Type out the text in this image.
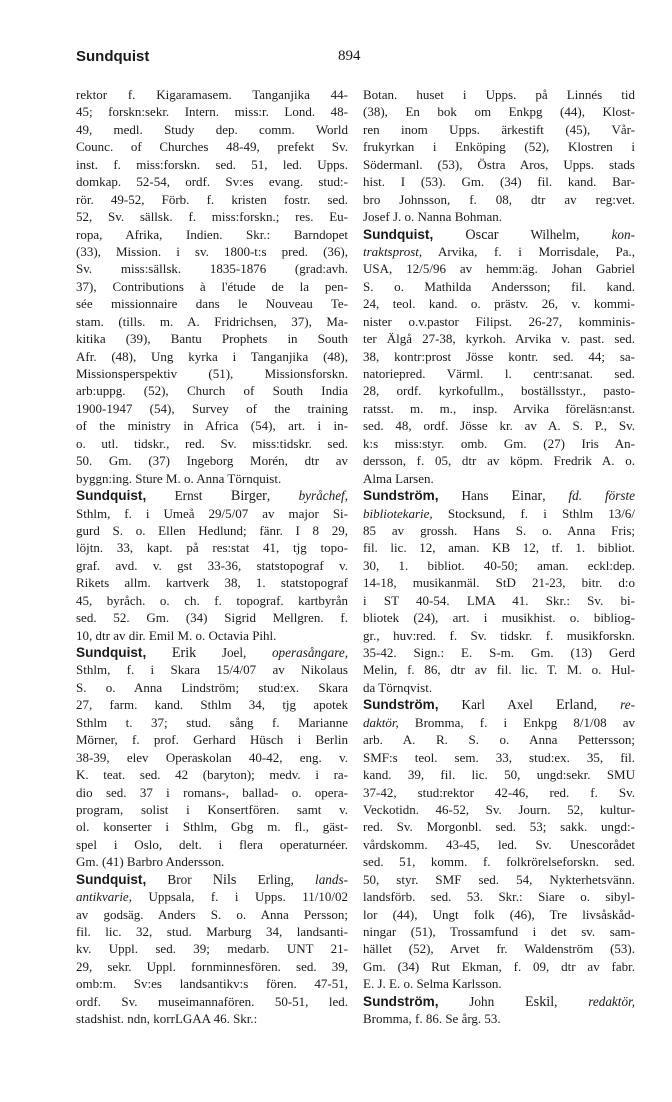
Sundquist	894
rektor f. Kigaramasem. Tanganjika 44-
45; forskn:sekr. Intern. miss:r. Lond. 48-
49, medl. Study dep. comm. World
Counc. of Churches 48-49, prefekt Sv.
inst. f. miss:forskn. sed. 51, led. Upps.
domkap. 52-54, ordf. Sv:es evang. stud:-
rör. 49-52, Förb. f. kristen fostr. sed.
52, Sv. sällsk. f. miss:forskn.; res. Eu-
ropa, Afrika, Indien. Skr.: Barndopet
(33), Mission. i sv. 1800-t:s pred. (36),
Sv. miss:sällsk. 1835-1876 (grad:avh.
37), Contributions à l'étude de la pen-
sée missionnaire dans le Nouveau Te-
stam. (tills. m. A. Fridrichsen, 37), Ma-
kitika (39), Bantu Prophets in South
Afr. (48), Ung kyrka i Tanganjika (48),
Missionsperspektiv (51), Missionsforskn.
arb:uppg. (52), Church of South India
1900-1947 (54), Survey of the training
of the ministry in Africa (54), art. i in-
o. utl. tidskr., red. Sv. miss:tidskr. sed.
50. Gm. (37) Ingeborg Morén, dtr av
byggn:ing. Sture M. o. Anna Törnquist.
Sundquist, Ernst Birger, byråchef,
Sthlm, f. i Umeå 29/5/07 av major Si-
gurd S. o. Ellen Hedlund; fänr. I 8 29,
löjtn. 33, kapt. på res:stat 41, tjg topo-
graf. avd. v. gst 33-36, statstopograf v.
Rikets allm. kartverk 38, 1. statstopograf
45, byråch. o. ch. f. topograf. kartbyrån
sed. 52. Gm. (34) Sigrid Mellgren. f.
10, dtr av dir. Emil M. o. Octavia Pihl.
Sundquist, Erik Joel, operasångare,
Sthlm, f. i Skara 15/4/07 av Nikolaus
S. o. Anna Lindström; stud:ex. Skara
27, farm. kand. Sthlm 34, tjg apotek
Sthlm t. 37; stud. sång f. Marianne
Mörner, f. prof. Gerhard Hüsch i Berlin
38-39, elev Operaskolan 40-42, eng. v.
K. teat. sed. 42 (baryton); medv. i ra-
dio sed. 37 i romans-, ballad- o. opera-
program, solist i Konsertfören. samt v.
ol. konserter i Sthlm, Gbg m. fl., gäst-
spel i Oslo, delt. i flera operaturnéer.
Gm. (41) Barbro Andersson.
Sundquist, Bror Nils Erling, lands-
antikvarie, Uppsala, f. i Upps. 11/10/02
av godsäg. Anders S. o. Anna Persson;
fil. lic. 32, stud. Marburg 34, landsanti-
kv. Uppl. sed. 39; medarb. UNT 21-
29, sekr. Uppl. fornminnesfören. sed. 39,
omb:m. Sv:es landsantikv:s fören. 47-51,
ordf. Sv. museimannafören. 50-51, led.
stadshist. ndn, korrLGAA 46. Skr.:
Botan. huset i Upps. på Linnés tid
(38), En bok om Enkpg (44), Klost-
ren inom Upps. ärkestift (45), Vår-
frukyrkan i Enköping (52), Klostren i
Södermanl. (53), Östra Aros, Upps. stads
hist. I (53). Gm. (34) fil. kand. Bar-
bro Johnsson, f. 08, dtr av reg:vet.
Josef J. o. Nanna Bohman.
Sundquist, Oscar Wilhelm, kon-
traktsprost, Arvika, f. i Morrisdale, Pa.,
USA, 12/5/96 av hemm:äg. Johan Gabriel
S. o. Mathilda Andersson; fil. kand.
24, teol. kand. o. prästv. 26, v. kommi-
nister o.v.pastor Filipst. 26-27, komminis-
ter Älgå 27-38, kyrkoh. Arvika v. past. sed.
38, kontr:prost Jösse kontr. sed. 44; sa-
natoriepred. Värml. l. centr:sanat. sed.
28, ordf. kyrkofullm., boställsstyr., pasto-
ratsst. m. m., insp. Arvika föreläsn:anst.
sed. 48, ordf. Jösse kr. av A. S. P., Sv.
k:s miss:styr. omb. Gm. (27) Iris An-
dersson, f. 05, dtr av köpm. Fredrik A. o.
Alma Larsen.
Sundström, Hans Einar, fd. förste
bibliotekarie, Stocksund, f. i Sthlm 13/6/
85 av grossh. Hans S. o. Anna Fris;
fil. lic. 12, aman. KB 12, tf. 1. bibliot.
30, 1. bibliot. 40-50; aman. eckl:dep.
14-18, musikanmäl. StD 21-23, bitr. d:o
i ST 40-54. LMA 41. Skr.: Sv. bi-
bliotek (24), art. i musikhist. o. bibliog-
gr., huv:red. f. Sv. tidskr. f. musikforskn.
35-42. Sign.: E. S-m. Gm. (13) Gerd
Melin, f. 86, dtr av fil. lic. T. M. o. Hul-
da Törnqvist.
Sundström, Karl Axel Erland, re-
daktör, Bromma, f. i Enkpg 8/1/08 av
arb. A. R. S. o. Anna Pettersson;
SMF:s teol. sem. 33, stud:ex. 35, fil.
kand. 39, fil. lic. 50, ungd:sekr. SMU
37-42, stud:rektor 42-46, red. f. Sv.
Veckotidn. 46-52, Sv. Journ. 52, kultur-
red. Sv. Morgonbl. sed. 53; sakk. ungd:-
vårdskomm. 43-45, led. Sv. Unescorådet
sed. 51, komm. f. folkrörelseforskn. sed.
50, styr. SMF sed. 54, Nykterhetsvänn.
landsförb. sed. 53. Skr.: Siare o. sibyl-
lor (44), Ungt folk (46), Tre livsåskåd-
ningar (51), Trossamfund i det sv. sam-
hället (52), Arvet fr. Waldenström (53).
Gm. (34) Rut Ekman, f. 09, dtr av fabr.
E. J. E. o. Selma Karlsson.
Sundström, John Eskil, redaktör,
Bromma, f. 86. Se årg. 53.
